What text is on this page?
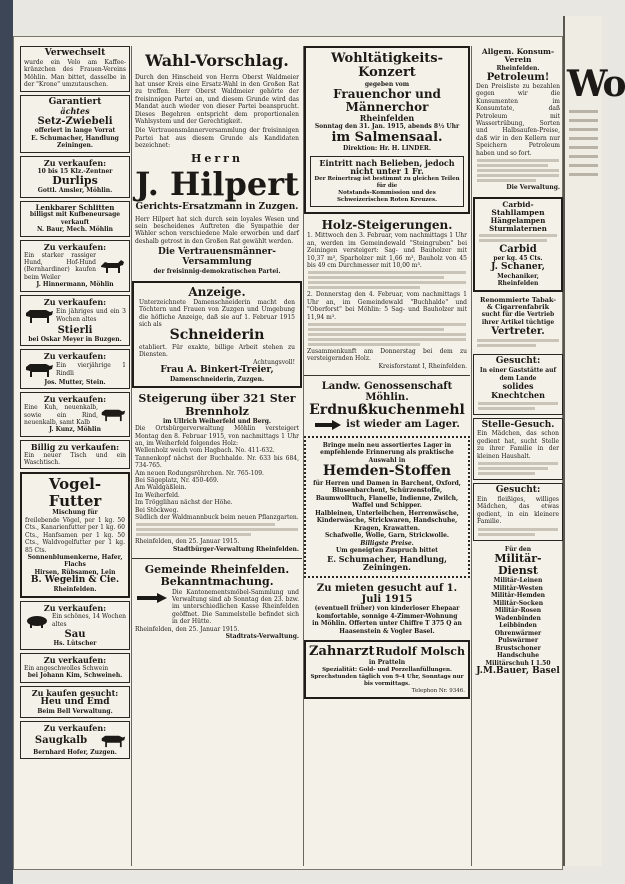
Wo
Verwechselt
wurde ein Velo am Kaffee-kränzchen des Frauen-Vereins Möhlin. Man bittet, dasselbe in der "Krone" umzutauschen.
Garantiert
ächtes
Setz-Zwiebeli
offeriert in lange Vorrat
E. Schumacher, Handlung
Zeiningen.
Zu verkaufen:
10 bis 15 Klz.-Zentner
Durlips
Gottl. Amsler, Möhlin.
Lenkbarer Schlitten
billigst mit Kufbeneursage verkauft
N. Baur, Mech. Möhlin
Zu verkaufen:
Ein starker rassiger Hund, Hof-Hund (Bernhardiner) kaufen beim Weiler
J. Hinnermann, Möhlin
Zu verkaufen:
Ein jähriges und ein 3 Wochen altes
Stierli
bei Oskar Meyer in Buzgen.
Zu verkaufen:
Ein vierjährige 1 Rindli
Jos. Mutter, Stein.
Zu verkaufen:
Eine Kuh, neuenkalb, sowie ein Rind, neuenkalb, samt Kalb
J. Kunz, Möhlin
Billig zu verkaufen:
Ein neuer Tisch und ein Waschtisch.
Vogel-Futter
Mischung für
freilebende Vögel, per 1 kg. 50 Cts., Kanarienfutter per 1 kg. 60 Cts., Hanfsamen per 1 kg. 50 Cts., Waldvogelfutter per 1 kg. 85 Cts.
Sonnenblumenkerne, Hafer, Flachs
Hirsen, Rübsamen, Lein
B. Wegelin & Cie.
Rheinfelden.
Zu verkaufen:
Ein schönes, 14 Wochen altes
Sau
Hs. Lütscher
Zu verkaufen:
Ein angeschwolles Schwein
bei Johann Kim, Schweineh.
Zu kaufen gesucht:
Heu und Emd
Beim Bell Verwaltung.
Zu verkaufen:
Saugkalb
Bernhard Hofer, Zuzgen.
Wahl-Vorschlag.
Durch den Hinscheid von Herrn Oberst Waldmeier hat unser Kreis eine Ersatz-Wahl in den Großen Rat zu treffen. Herr Oberst Waldmeier gehörte der freisinnigen Partei an, und diesem Grunde wird das Mandat auch wieder von dieser Partei beansprucht. Dieses Begehren entspricht dem proportionalen Wahlsystem und der Gerechtigkeit.
Die Vertrauensmännerversammlung der freisinnigen Partei hat aus diesem Grunde als Kandidaten bezeichnet:
Herrn
J. Hilpert
Gerichts-Ersatzmann in Zuzgen.
Herr Hilpert hat sich durch sein loyales Wesen und sein bescheidenes Auftreten die Sympathie der Wähler schon verschiedene Male erworben und darf deshalb getrost in den Großen Rat gewählt werden.
Die Vertrauensmänner-Versammlung
der freisinnig-demokratischen Partei.
Anzeige.
Unterzeichnete Damenschneiderin macht den Töchtern und Frauen von Zuzgen und Umgebung die höfliche Anzeige, daß sie auf 1. Februar 1915 sich als
Schneiderin
etabliert. Für exakte, billige Arbeit stehen zu Diensten.
Achtungsvoll!
Frau A. Binkert-Treier,
Damenschneiderin, Zuzgen.
Steigerung über 321 Ster Brennholz
im Ullrich Weiherfeld und Berg.
Die Ortsbürgerverwaltung Möhlin versteigert Montag den 8. Februar 1915, von nachmittags 1 Uhr an, im Weiherfeld folgendes Holz:
Wellenholz weich vom Hagbach. No. 411-632.
Tannenkopf nächst der Buchhalde. Nr. 633 bis 684, 734-765.
Am neuen Rodungsröhrchen. Nr. 765-109.
Bei Sägeplatz, Nr. 450-469.
Am Waldgäßlein.
Im Weiherfeld.
Im Trögglihau nächst der Höhe.
Bei Stöckweg.
Südlich der Waldmannbuck beim neuen Pflanzgarten.
Rheinfelden, den 25. Januar 1915.
Stadtbürger-Verwaltung Rheinfelden.
Gemeinde Rheinfelden.
Bekanntmachung.
Die Kantonementsmöbel-Sammlung und Verwaltung sind ab Sonntag den 23. bzw. im unterschiedlichen Kasse Rheinfelden geöffnet. Die Sammelstelle befindet sich in der Hütte.
Rheinfelden, den 25. Januar 1915.
Stadtrats-Verwaltung.
Wohltätigkeits-Konzert
gegeben vom
Frauenchor und Männerchor
Rheinfelden
Sonntag den 31. Jan. 1915, abends 8½ Uhr
im Salmensaal.
Direktion: Hr. H. LINDER.
Eintritt nach Belieben, jedoch nicht unter 1 Fr.
Der Reinertrag ist bestimmt zu gleichen Teilen für die
Notstands-Kommission und des Schweizerischen Roten Kreuzes.
Holz-Steigerungen.
1. Mittwoch den 3. Februar, vom nachmittags 1 Uhr an, werden im Gemeindewald "Steingruben" bei Zeiningen versteigert: Sag- und Bauholzer mit 10,37 m³, Sparholzer mit 1,66 m³, Bauholz von 45 bis 49 cm Durchmesser mit 10,00 m³.
2. Donnerstag den 4. Februar, vom nachmittags 1 Uhr an, im Gemeindewald "Buchhalde" und "Oberforst" bei Möhlin: 5 Sag- und Bauholzer mit 11,94 m³.
Zusammenkunft am Donnerstag bei dem zu versteigernden Holz.
Kreisforstamt I, Rheinfelden.
Landw. Genossenschaft Möhlin.
Erdnußkuchenmehl
ist wieder am Lager.
Bringe mein neu assortiertes Lager in empfehlende Erinnerung als praktische Auswahl in
Hemden-Stoffen
für Herren und Damen in Barchent, Oxford, Blusenbarchent, Schürzenstoffe, Baumwolltuch, Flanelle, Indienne, Zwilch, Waffel und Schipper.
Halbleinen, Unterleibchen, Herrenwäsche, Kinderwäsche, Strickwaren, Handschuhe, Kragen, Krawatten.
Schafwolle, Wolle, Garn, Strickwolle.
Billigste Preise.
Um geneigten Zuspruch bittet
E. Schumacher, Handlung, Zeiningen.
Zu mieten gesucht auf 1. Juli 1915
(eventuell früher) von kinderloser Ehepaar komfortable, sonnige 4-Zimmer-Wohnung
in Möhlin. Offerten unter Chiffre T 375 Q an
Haasenstein & Vogler Basel.
Zahnarzt Rudolf Molsch
in Pratteln
Spezialität: Gold- und Porzellanfüllungen.
Sprechstunden täglich von 9-4 Uhr, Sonntags nur bis vormittags.
Telephon Nr. 9346.
Allgem. Konsum-Verein
Rheinfelden.
Petroleum!
Den Preisliste zu bezahlen gegen wir die Kunsumenten im Konsumtate, daß Petroleum mit Wassertrübung, Sorten und Halbsaufen-Preise, daß wir in den Kellern nur Speichern Petroleum haben und so fort.
Die Verwaltung.
Carbid-Stahllampen
Hängelampen
Sturmlaternen
Carbid
per kg. 45 Cts.
J. Schaner,
Mechaniker,
Rheinfelden
Renommierte Tabak- & Cigarrenfabrik
sucht für die Vertrieb ihrer Artikel tüchtige
Vertreter.
Gesucht:
In einer Gaststätte auf dem Lande
solides Knechtchen
Stelle-Gesuch.
Ein Mädchen, das schon gedient hat, sucht Stelle zu ihrer Familie in der kleinen Haushalt.
Gesucht:
Ein fleißiges, williges Mädchen, das etwas gedient, in ein kleinere Familie.
Für den
Militär-Dienst
Militär-Leinen
Militär-Westen
Militär-Hemden
Militär-Socken
Militär-Rosen
Wadenbinden
Leibbinden
Ohrenwärmer
Pulswärmer
Brustschoner
Handschuhe
Militärschuh I 1.50
J.M.Bauer, Basel
